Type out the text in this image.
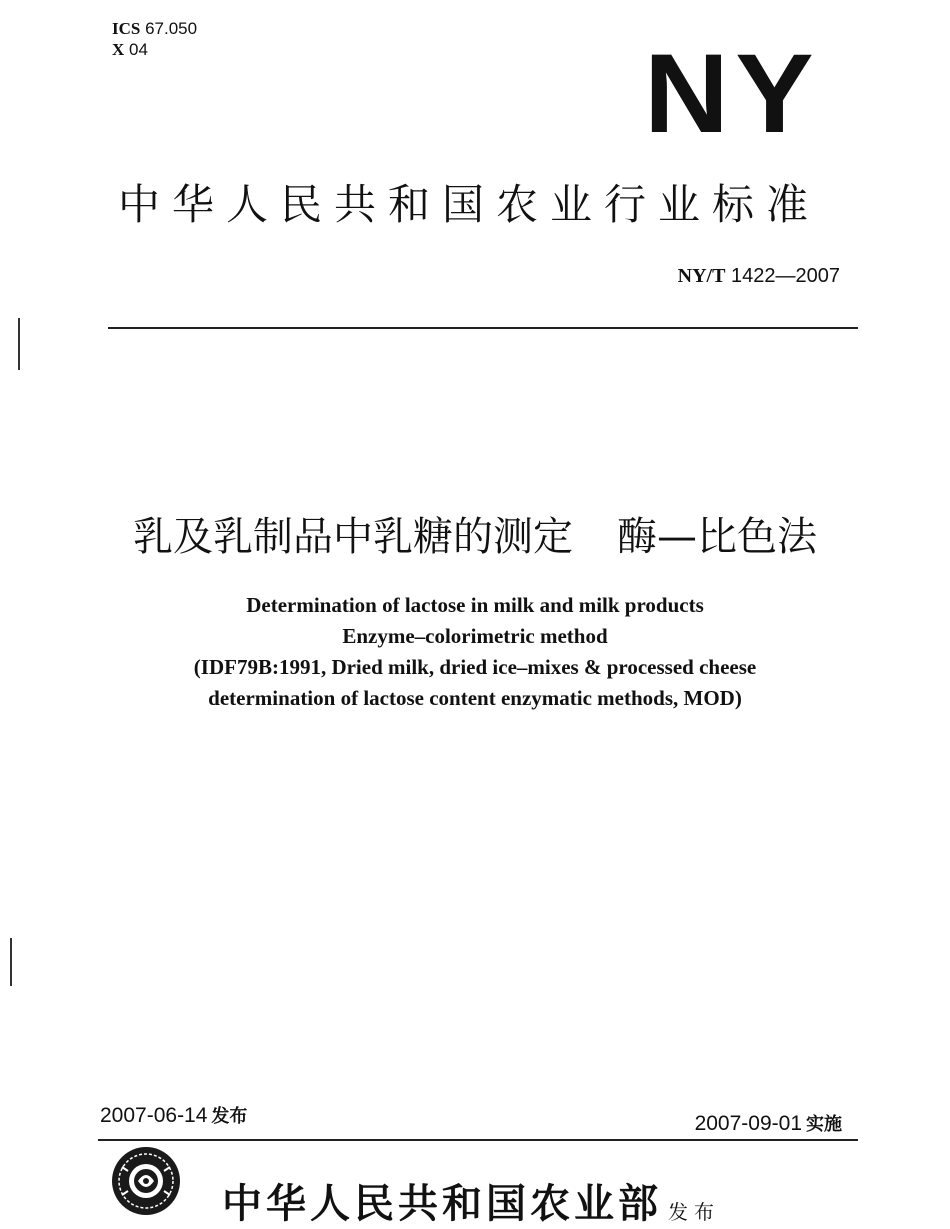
ICS 67.050
X 04	NY
中华人民共和国农业行业标准
NY/T 1422—2007
乳及乳制品中乳糖的测定 酶—比色法
Determination of lactose in milk and milk products
Enzyme–colorimetric method
(IDF79B:1991, Dried milk, dried ice–mixes & processed cheese
determination of lactose content enzymatic methods, MOD)
2007-06-14 发布	2007-09-01 实施
中华人民共和国农业部 发布
